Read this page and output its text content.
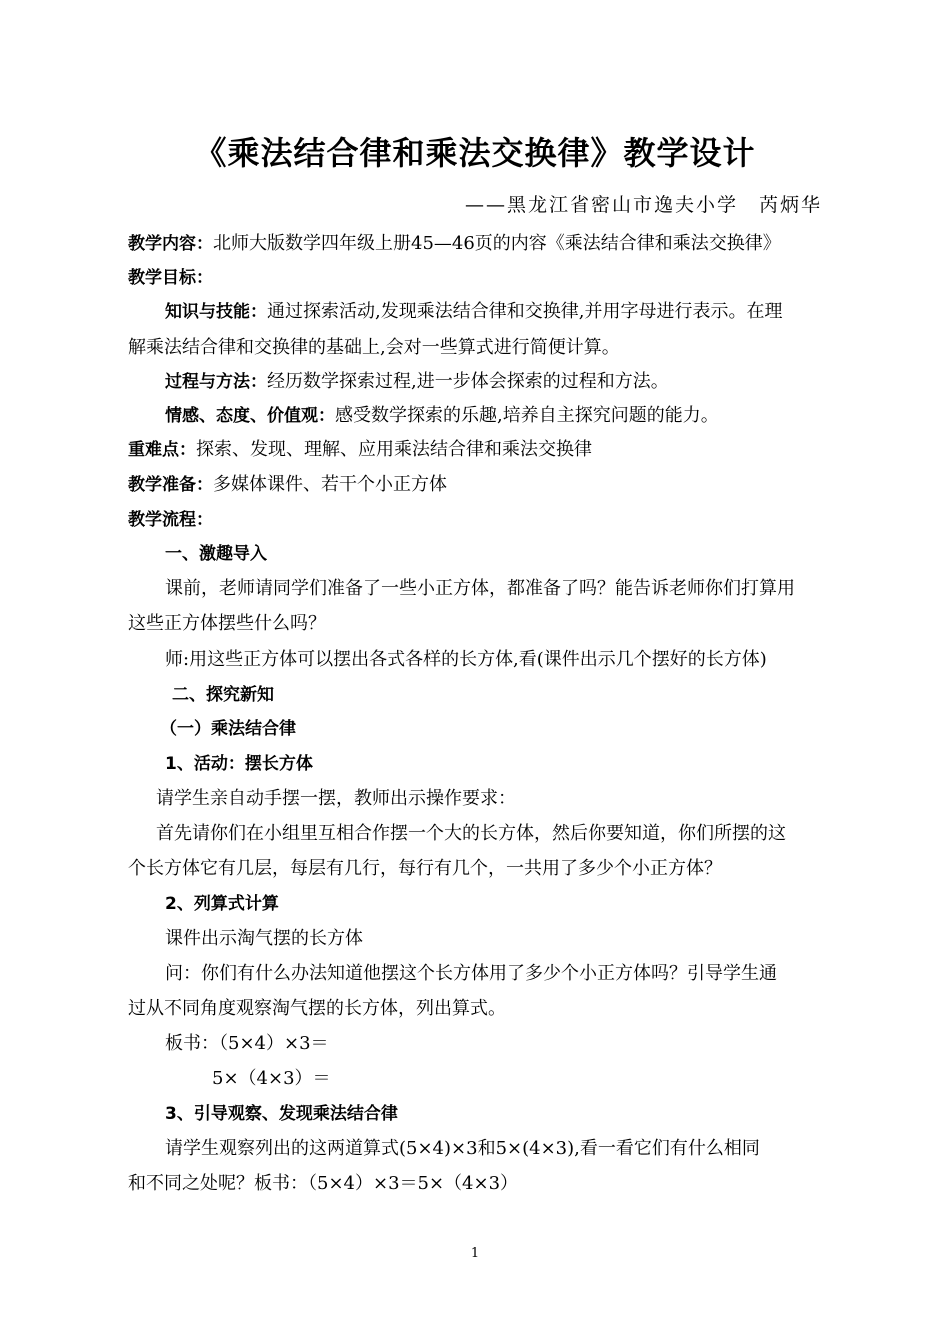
《乘法结合律和乘法交换律》教学设计
——黑龙江省密山市逸夫小学　芮炳华
教学内容：北师大版数学四年级上册45—46页的内容《乘法结合律和乘法交换律》
教学目标：
知识与技能：通过探索活动,发现乘法结合律和交换律,并用字母进行表示。在理
解乘法结合律和交换律的基础上,会对一些算式进行简便计算。
过程与方法：经历数学探索过程,进一步体会探索的过程和方法。
情感、态度、价值观：感受数学探索的乐趣,培养自主探究问题的能力。
重难点：探索、发现、理解、应用乘法结合律和乘法交换律
教学准备：多媒体课件、若干个小正方体
教学流程：
一、激趣导入
课前，老师请同学们准备了一些小正方体，都准备了吗？能告诉老师你们打算用
这些正方体摆些什么吗？
师:用这些正方体可以摆出各式各样的长方体,看(课件出示几个摆好的长方体)
二、探究新知
（一）乘法结合律
1、活动：摆长方体
请学生亲自动手摆一摆，教师出示操作要求：
首先请你们在小组里互相合作摆一个大的长方体，然后你要知道，你们所摆的这
个长方体它有几层，每层有几行，每行有几个，一共用了多少个小正方体？
2、列算式计算
课件出示淘气摆的长方体
问：你们有什么办法知道他摆这个长方体用了多少个小正方体吗？引导学生通
过从不同角度观察淘气摆的长方体，列出算式。
板书：（5×4）×3＝
5×（4×3）＝
3、引导观察、发现乘法结合律
请学生观察列出的这两道算式(5×4)×3和5×(4×3),看一看它们有什么相同
和不同之处呢？板书：（5×4）×3＝5×（4×3）
1
